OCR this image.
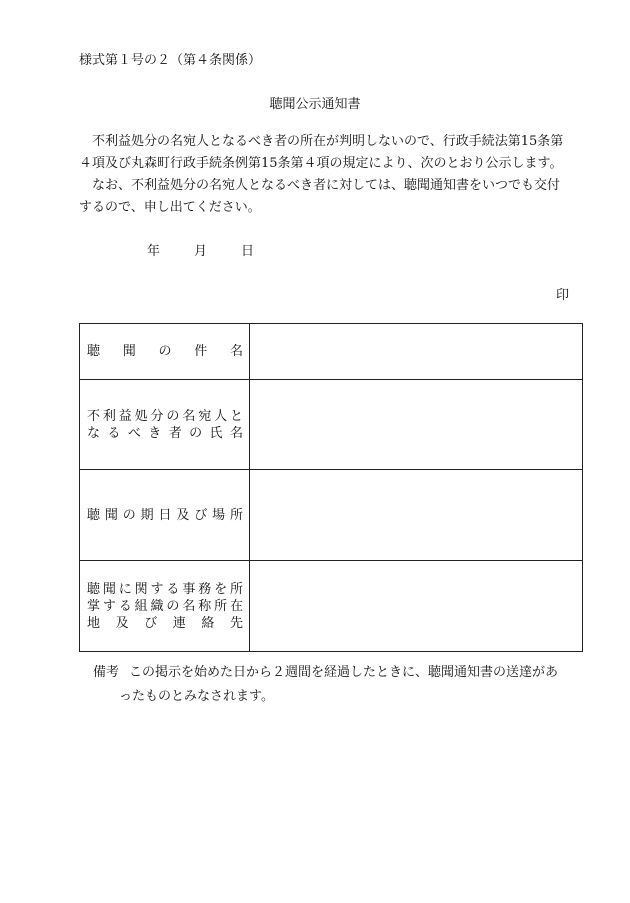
様式第１号の２（第４条関係）
聴聞公示通知書
不利益処分の名宛人となるべき者の所在が判明しないので、行政手続法第15条第
４項及び丸森町行政手続条例第15条第４項の規定により、次のとおり公示します。
なお、不利益処分の名宛人となるべき者に対しては、聴聞通知書をいつでも交付
するので、申し出てください。
年	月	日
印
聴聞の件名	

不利益処分の名宛人と
なるべき者の氏名	

聴聞の期日及び場所	

聴聞に関する事務を所
掌する組織の名称所在
地及び連絡先	

備考 この掲示を始めた日から２週間を経過したときに、聴聞通知書の送達があ
ったものとみなされます。
